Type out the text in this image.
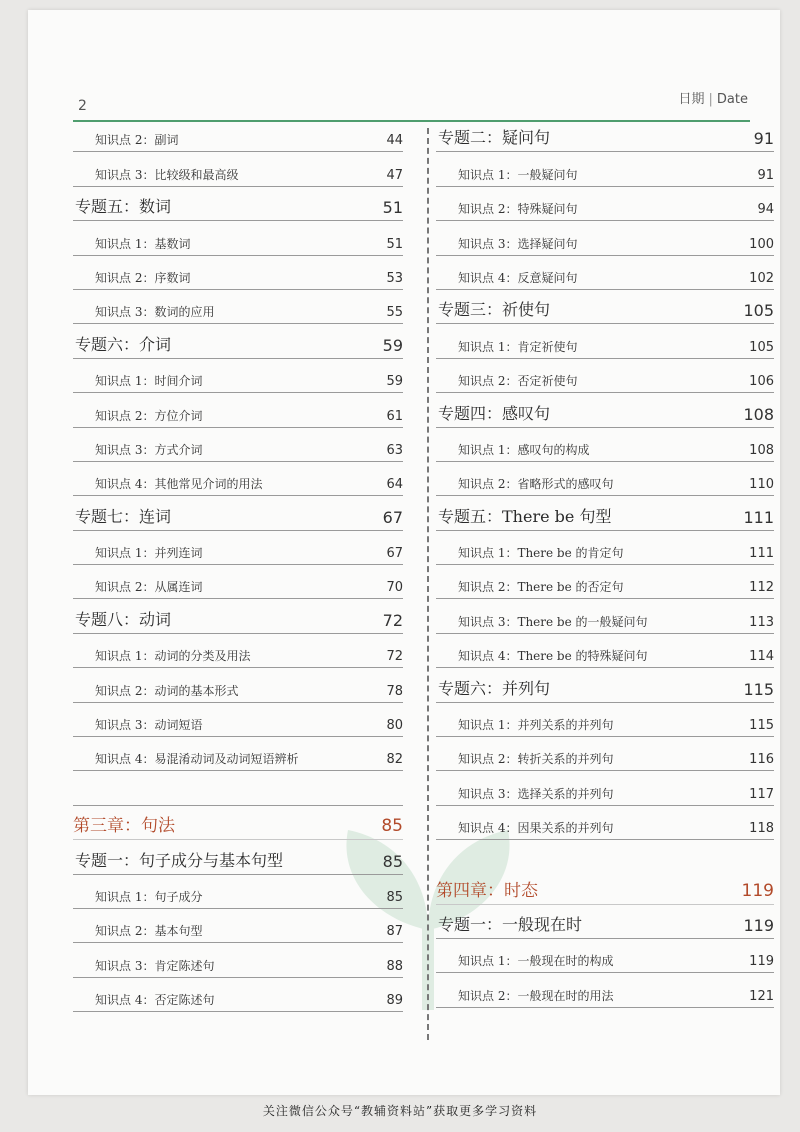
2	日期 | Date
知识点 2：副词	44
知识点 3：比较级和最高级	47
专题五：数词	51
知识点 1：基数词	51
知识点 2：序数词	53
知识点 3：数词的应用	55
专题六：介词	59
知识点 1：时间介词	59
知识点 2：方位介词	61
知识点 3：方式介词	63
知识点 4：其他常见介词的用法	64
专题七：连词	67
知识点 1：并列连词	67
知识点 2：从属连词	70
专题八：动词	72
知识点 1：动词的分类及用法	72
知识点 2：动词的基本形式	78
知识点 3：动词短语	80
知识点 4：易混淆动词及动词短语辨析	82
第三章：句法	85
专题一：句子成分与基本句型	85
知识点 1：句子成分	85
知识点 2：基本句型	87
知识点 3：肯定陈述句	88
知识点 4：否定陈述句	89
专题二：疑问句	91
知识点 1：一般疑问句	91
知识点 2：特殊疑问句	94
知识点 3：选择疑问句	100
知识点 4：反意疑问句	102
专题三：祈使句	105
知识点 1：肯定祈使句	105
知识点 2：否定祈使句	106
专题四：感叹句	108
知识点 1：感叹句的构成	108
知识点 2：省略形式的感叹句	110
专题五：There be 句型	111
知识点 1：There be 的肯定句	111
知识点 2：There be 的否定句	112
知识点 3：There be 的一般疑问句	113
知识点 4：There be 的特殊疑问句	114
专题六：并列句	115
知识点 1：并列关系的并列句	115
知识点 2：转折关系的并列句	116
知识点 3：选择关系的并列句	117
知识点 4：因果关系的并列句	118
第四章：时态	119
专题一：一般现在时	119
知识点 1：一般现在时的构成	119
知识点 2：一般现在时的用法	121
关注微信公众号“教辅资料站”获取更多学习资料
